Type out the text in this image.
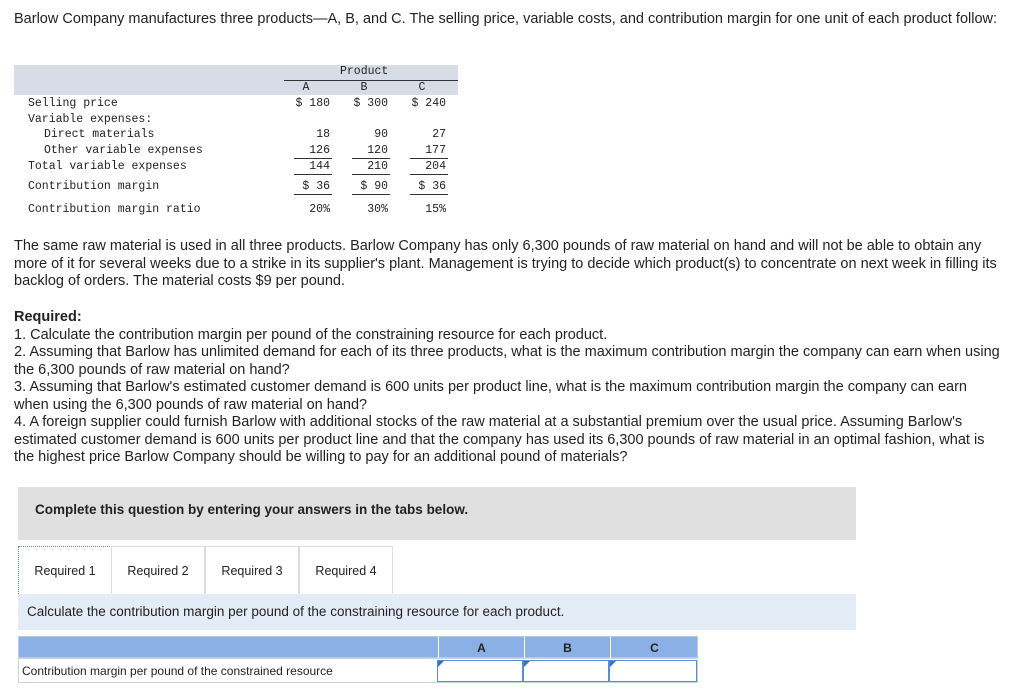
Barlow Company manufactures three products—A, B, and C. The selling price, variable costs, and contribution margin for one unit of each product follow:
Product
A	B	C
Selling price	$ 180	$ 300	$ 240
Variable expenses:
Direct materials	18	90	27
Other variable expenses	126	120	177
Total variable expenses	144	210	204
Contribution margin	$ 36	$ 90	$ 36
Contribution margin ratio	20%	30%	15%
The same raw material is used in all three products. Barlow Company has only 6,300 pounds of raw material on hand and will not be able to obtain any more of it for several weeks due to a strike in its supplier's plant. Management is trying to decide which product(s) to concentrate on next week in filling its backlog of orders. The material costs $9 per pound.
Required:
1. Calculate the contribution margin per pound of the constraining resource for each product.
2. Assuming that Barlow has unlimited demand for each of its three products, what is the maximum contribution margin the company can earn when using the 6,300 pounds of raw material on hand?
3. Assuming that Barlow's estimated customer demand is 600 units per product line, what is the maximum contribution margin the company can earn when using the 6,300 pounds of raw material on hand?
4. A foreign supplier could furnish Barlow with additional stocks of the raw material at a substantial premium over the usual price. Assuming Barlow's estimated customer demand is 600 units per product line and that the company has used its 6,300 pounds of raw material in an optimal fashion, what is the highest price Barlow Company should be willing to pay for an additional pound of materials?
Complete this question by entering your answers in the tabs below.
Required 1	Required 2	Required 3	Required 4
Calculate the contribution margin per pound of the constraining resource for each product.
A	B	C
Contribution margin per pound of the constrained resource
